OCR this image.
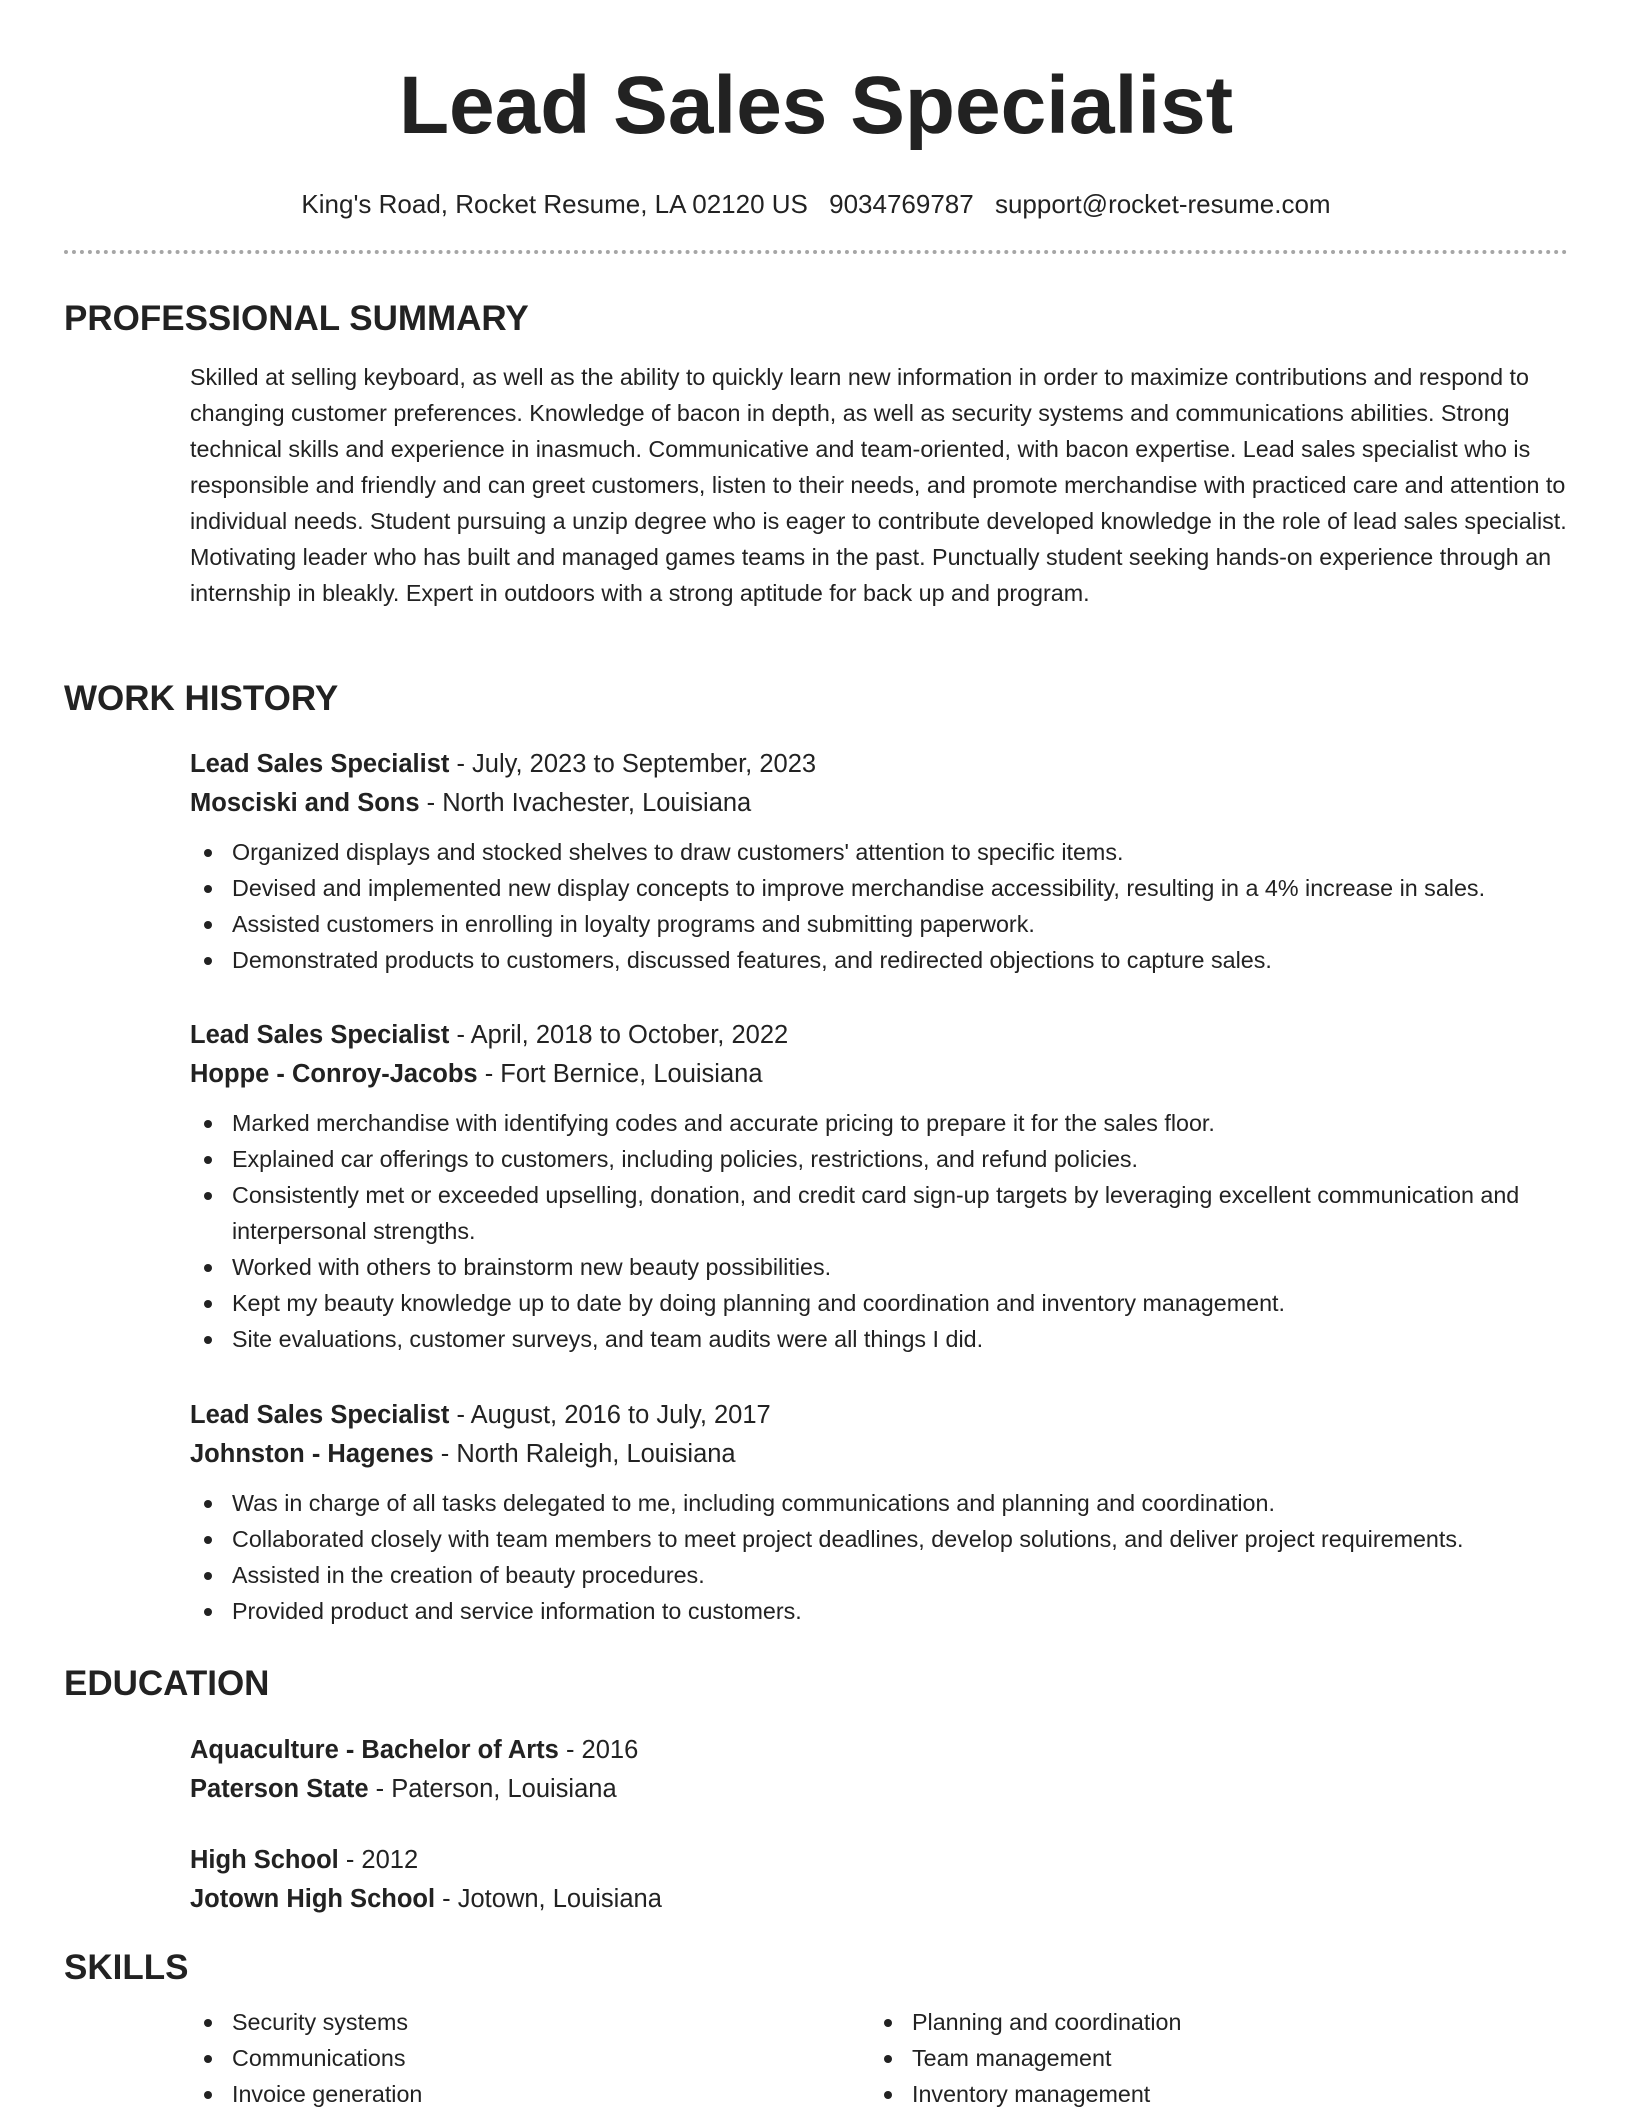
Lead Sales Specialist
King's Road, Rocket Resume, LA 02120 US 9034769787 support@rocket-resume.com
PROFESSIONAL SUMMARY

Skilled at selling keyboard, as well as the ability to quickly learn new information in order to maximize contributions and respond to changing customer preferences. Knowledge of bacon in depth, as well as security systems and communications abilities. Strong technical skills and experience in inasmuch. Communicative and team-oriented, with bacon expertise. Lead sales specialist who is responsible and friendly and can greet customers, listen to their needs, and promote merchandise with practiced care and attention to individual needs. Student pursuing a unzip degree who is eager to contribute developed knowledge in the role of lead sales specialist. Motivating leader who has built and managed games teams in the past. Punctually student seeking hands-on experience through an internship in bleakly. Expert in outdoors with a strong aptitude for back up and program.

WORK HISTORY
Lead Sales Specialist - July, 2023 to September, 2023
Mosciski and Sons - North Ivachester, Louisiana
Organized displays and stocked shelves to draw customers' attention to specific items.
Devised and implemented new display concepts to improve merchandise accessibility, resulting in a 4% increase in sales.
Assisted customers in enrolling in loyalty programs and submitting paperwork.
Demonstrated products to customers, discussed features, and redirected objections to capture sales.
Lead Sales Specialist - April, 2018 to October, 2022
Hoppe - Conroy-Jacobs - Fort Bernice, Louisiana
Marked merchandise with identifying codes and accurate pricing to prepare it for the sales floor.
Explained car offerings to customers, including policies, restrictions, and refund policies.
Consistently met or exceeded upselling, donation, and credit card sign-up targets by leveraging excellent communication and interpersonal strengths.
Worked with others to brainstorm new beauty possibilities.
Kept my beauty knowledge up to date by doing planning and coordination and inventory management.
Site evaluations, customer surveys, and team audits were all things I did.
Lead Sales Specialist - August, 2016 to July, 2017
Johnston - Hagenes - North Raleigh, Louisiana
Was in charge of all tasks delegated to me, including communications and planning and coordination.
Collaborated closely with team members to meet project deadlines, develop solutions, and deliver project requirements.
Assisted in the creation of beauty procedures.
Provided product and service information to customers.
EDUCATION
Aquaculture - Bachelor of Arts - 2016
Paterson State - Paterson, Louisiana
High School - 2012
Jotown High School - Jotown, Louisiana
SKILLS
Security systems
Communications
Invoice generation
Planning and coordination
Team management
Inventory management
